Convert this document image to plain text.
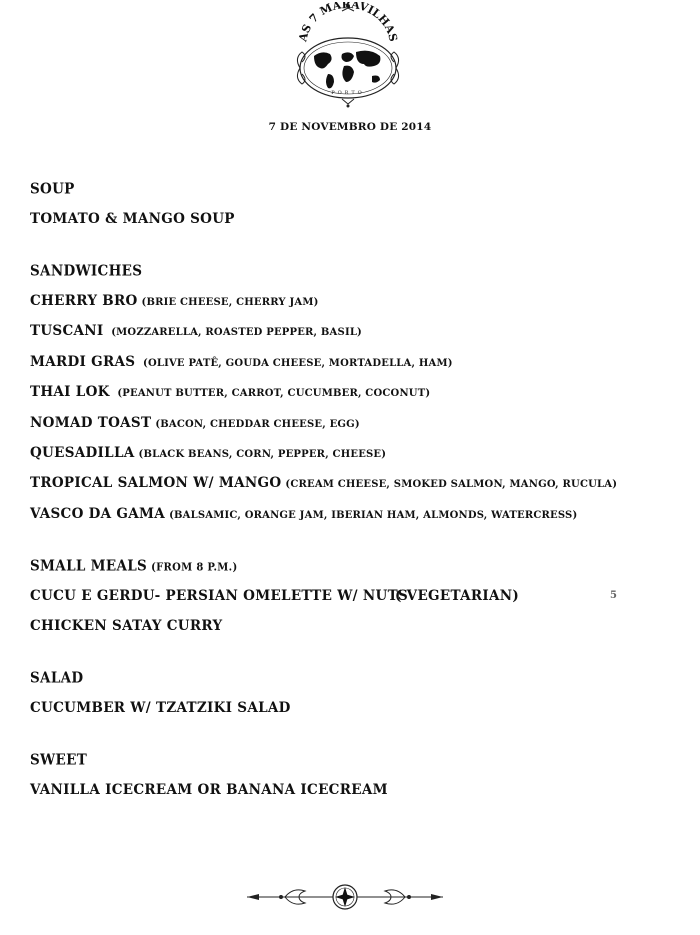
AS 7 MARAVILHAS
PORTO
7 DE NOVEMBRO DE 2014
SOUP
TOMATO & MANGO SOUP
SANDWICHES
CHERRY BRO (BRIE CHEESE, CHERRY JAM)
TUSCANI (MOZZARELLA, ROASTED PEPPER, BASIL)
MARDI GRAS (OLIVE PATÊ, GOUDA CHEESE, MORTADELLA, HAM)
THAI LOK (PEANUT BUTTER, CARROT, CUCUMBER, COCONUT)
NOMAD TOAST (BACON, CHEDDAR CHEESE, EGG)
QUESADILLA (BLACK BEANS, CORN, PEPPER, CHEESE)
TROPICAL SALMON W/ MANGO (CREAM CHEESE, SMOKED SALMON, MANGO, RUCULA)
VASCO DA GAMA (BALSAMIC, ORANGE JAM, IBERIAN HAM, ALMONDS, WATERCRESS)
SMALL MEALS (FROM 8 P.M.)
CUCU E GERDU- PERSIAN OMELETTE W/ NUTS
( VEGETARIAN)	5
CHICKEN SATAY CURRY
SALAD
CUCUMBER W/ TZATZIKI SALAD
SWEET
VANILLA ICECREAM OR BANANA ICECREAM
